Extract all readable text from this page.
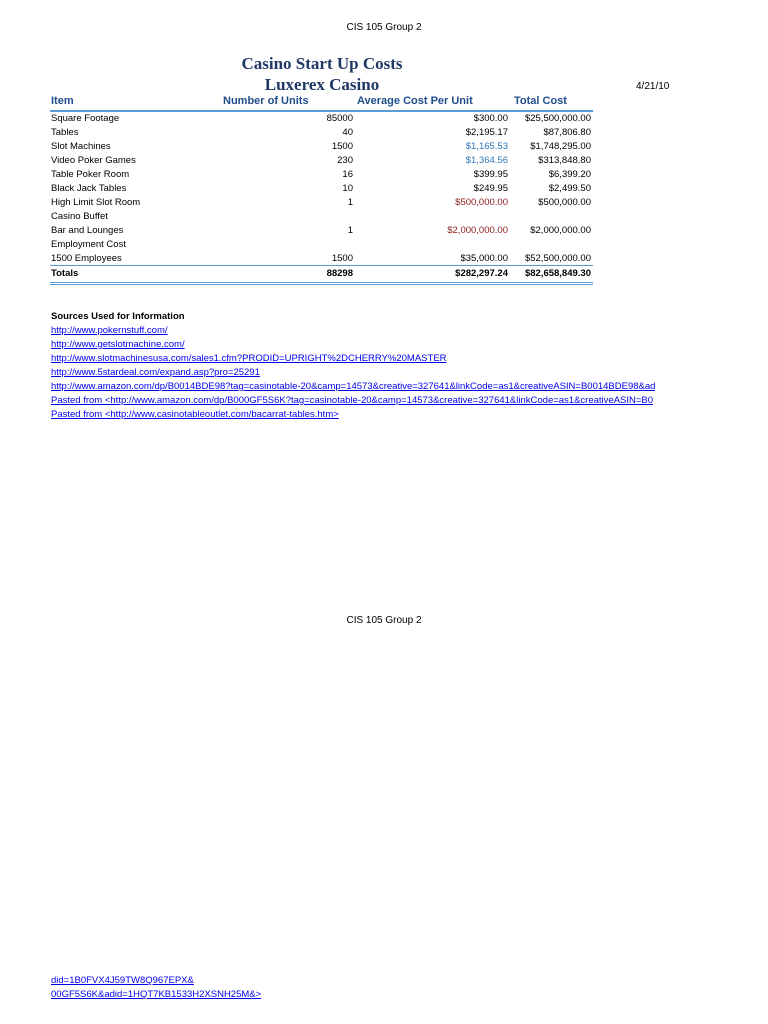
CIS 105 Group 2
Casino Start Up Costs
Luxerex Casino	4/21/10
Item	Number of Units	Average Cost Per Unit	Total Cost
Square Footage	85000	$300.00	$25,500,000.00
Tables	40	$2,195.17	$87,806.80
Slot Machines	1500	$1,165.53	$1,748,295.00
Video Poker Games	230	$1,364.56	$313,848.80
Table Poker Room	16	$399.95	$6,399.20
Black Jack Tables	10	$249.95	$2,499.50
High Limit Slot Room	1	$500,000.00	$500,000.00
Casino Buffet
Bar and Lounges	1	$2,000,000.00	$2,000,000.00
Employment Cost
1500 Employees	1500	$35,000.00	$52,500,000.00
Totals	88298	$282,297.24	$82,658,849.30
Sources Used for Information
http://www.pokernstuff.com/
http://www.getslotmachine.com/
http://www.slotmachinesusa.com/sales1.cfm?PRODID=UPRIGHT%2DCHERRY%20MASTER
http://www.5stardeal.com/expand.asp?pro=25291
http://www.amazon.com/dp/B0014BDE98?tag=casinotable-20&camp=14573&creative=327641&linkCode=as1&creativeASIN=B0014BDE98&ad
Pasted from <http://www.amazon.com/dp/B000GF5S6K?tag=casinotable-20&camp=14573&creative=327641&linkCode=as1&creativeASIN=B0
Pasted from <http://www.casinotableoutlet.com/bacarrat-tables.htm>
CIS 105 Group 2
did=1B0FVX4J59TW8Q967EPX&
00GF5S6K&adid=1HQT7KB1533H2XSNH25M&>
